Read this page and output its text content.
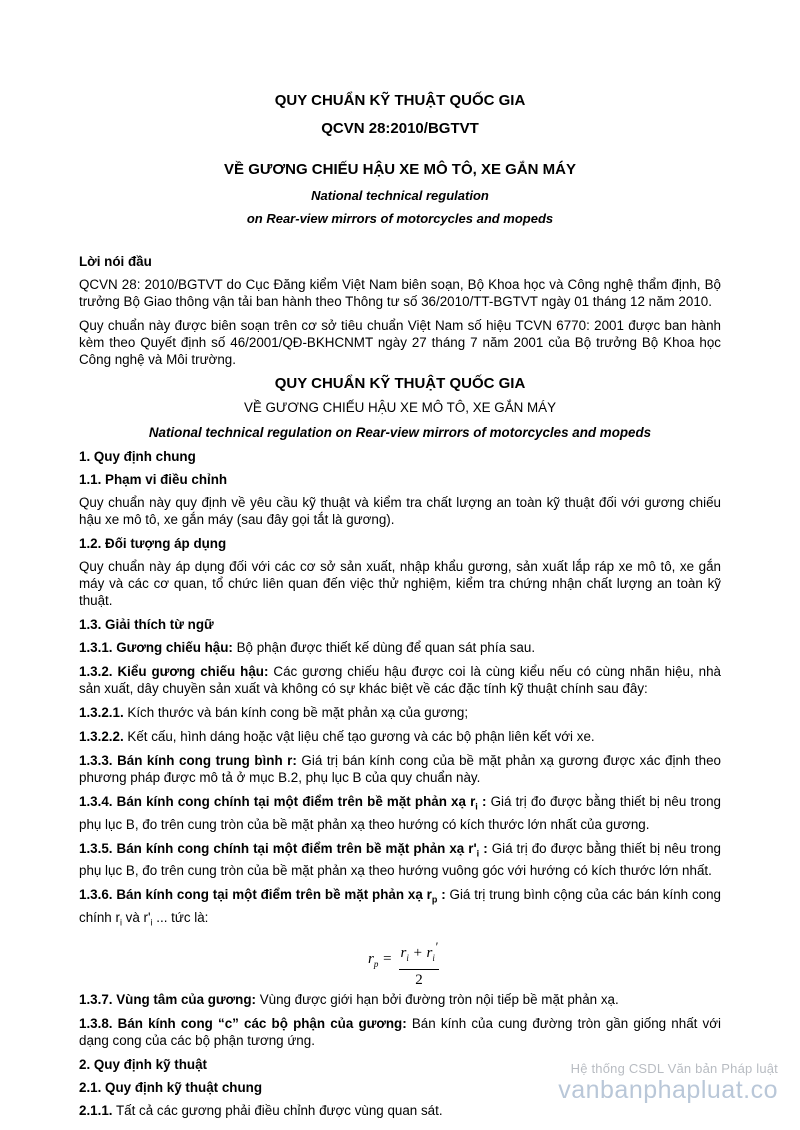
QUY CHUẨN KỸ THUẬT QUỐC GIA
QCVN 28:2010/BGTVT
VỀ GƯƠNG CHIẾU HẬU XE MÔ TÔ, XE GẮN MÁY
National technical regulation
on Rear-view mirrors of motorcycles and mopeds
Lời nói đầu

QCVN 28: 2010/BGTVT do Cục Đăng kiểm Việt Nam biên soạn, Bộ Khoa học và Công nghệ thẩm định, Bộ trưởng Bộ Giao thông vận tải ban hành theo Thông tư số 36/2010/TT-BGTVT ngày 01 tháng 12 năm 2010.

Quy chuẩn này được biên soạn trên cơ sở tiêu chuẩn Việt Nam số hiệu TCVN 6770: 2001 được ban hành kèm theo Quyết định số 46/2001/QĐ-BKHCNMT ngày 27 tháng 7 năm 2001 của Bộ trưởng Bộ Khoa học Công nghệ và Môi trường.

QUY CHUẨN KỸ THUẬT QUỐC GIA
VỀ GƯƠNG CHIẾU HẬU XE MÔ TÔ, XE GẮN MÁY
National technical regulation on Rear-view mirrors of motorcycles and mopeds
1. Quy định chung
1.1. Phạm vi điều chỉnh

Quy chuẩn này quy định về yêu cầu kỹ thuật và kiểm tra chất lượng an toàn kỹ thuật đối với gương chiếu hậu xe mô tô, xe gắn máy (sau đây gọi tắt là gương).

1.2. Đối tượng áp dụng

Quy chuẩn này áp dụng đối với các cơ sở sản xuất, nhập khẩu gương, sản xuất lắp ráp xe mô tô, xe gắn máy và các cơ quan, tổ chức liên quan đến việc thử nghiệm, kiểm tra chứng nhận chất lượng an toàn kỹ thuật.

1.3. Giải thích từ ngữ

1.3.1. Gương chiếu hậu: Bộ phận được thiết kế dùng để quan sát phía sau.

1.3.2. Kiểu gương chiếu hậu: Các gương chiếu hậu được coi là cùng kiểu nếu có cùng nhãn hiệu, nhà sản xuất, dây chuyền sản xuất và không có sự khác biệt về các đặc tính kỹ thuật chính sau đây:

1.3.2.1. Kích thước và bán kính cong bề mặt phản xạ của gương;

1.3.2.2. Kết cấu, hình dáng hoặc vật liệu chế tạo gương và các bộ phận liên kết với xe.

1.3.3. Bán kính cong trung bình r: Giá trị bán kính cong của bề mặt phản xạ gương được xác định theo phương pháp được mô tả ở mục B.2, phụ lục B của quy chuẩn này.

1.3.4. Bán kính cong chính tại một điểm trên bề mặt phản xạ $r_i$ : Giá trị đo được bằng thiết bị nêu trong phụ lục B, đo trên cung tròn của bề mặt phản xạ theo hướng có kích thước lớn nhất của gương.

1.3.5. Bán kính cong chính tại một điểm trên bề mặt phản xạ $r'_i$ : Giá trị đo được bằng thiết bị nêu trong phụ lục B, đo trên cung tròn của bề mặt phản xạ theo hướng vuông góc với hướng có kích thước lớn nhất.

1.3.6. Bán kính cong tại một điểm trên bề mặt phản xạ $r_p$ : Giá trị trung bình cộng của các bán kính cong chính $r_i$ và $r'_i$ ... tức là:

$r_p = \frac{r_i + r_i'}{2}$

1.3.7. Vùng tâm của gương: Vùng được giới hạn bởi đường tròn nội tiếp bề mặt phản xạ.

1.3.8. Bán kính cong “c” các bộ phận của gương: Bán kính của cung đường tròn gần giống nhất với dạng cong của các bộ phận tương ứng.

2. Quy định kỹ thuật
2.1. Quy định kỹ thuật chung

2.1.1. Tất cả các gương phải điều chỉnh được vùng quan sát.

Hệ thống CSDL Văn bản Pháp luật
vanbanphapluat.co
